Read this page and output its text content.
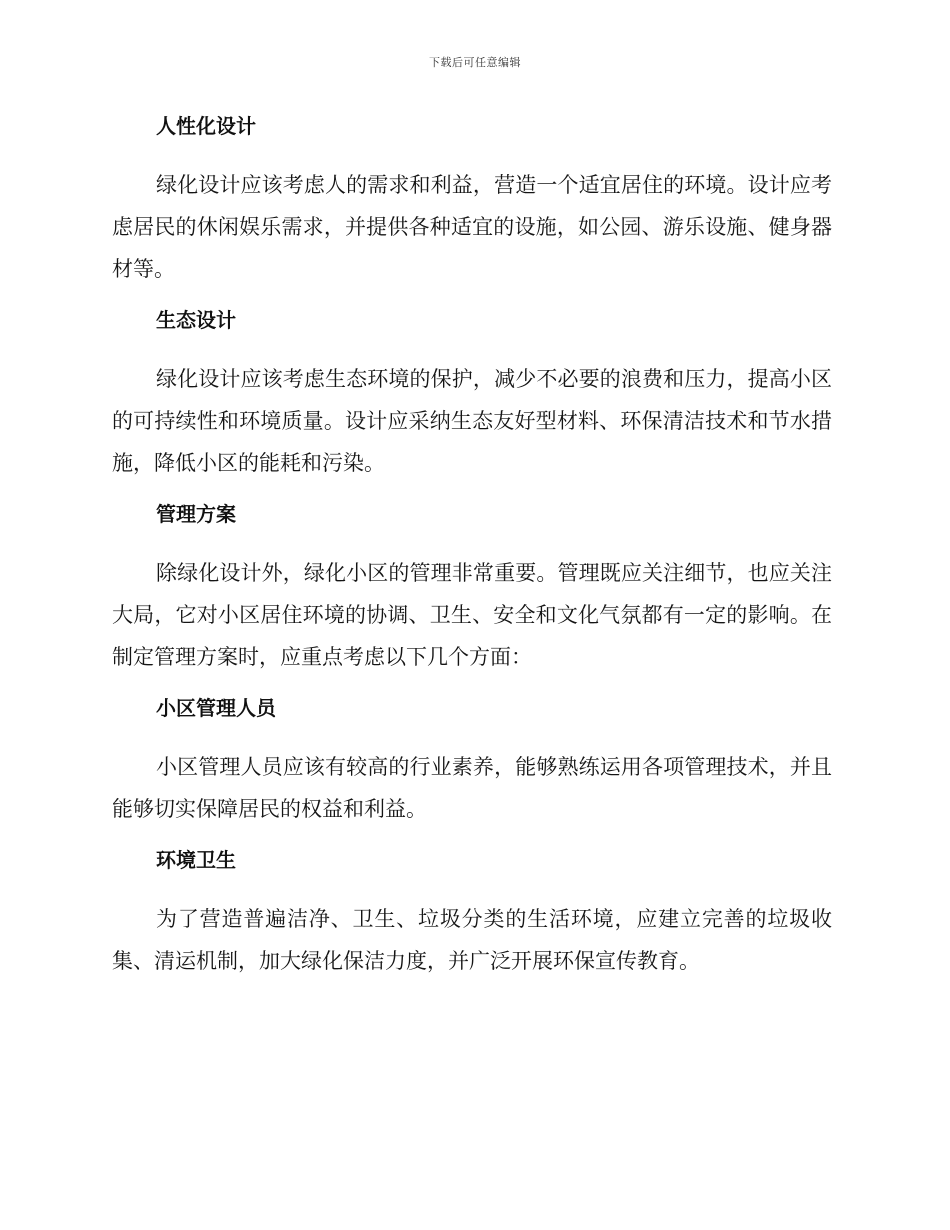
下载后可任意编辑
人性化设计

绿化设计应该考虑人的需求和利益，营造一个适宜居住的环境。设计应考虑居民的休闲娱乐需求，并提供各种适宜的设施，如公园、游乐设施、健身器材等。

生态设计

绿化设计应该考虑生态环境的保护，减少不必要的浪费和压力，提高小区的可持续性和环境质量。设计应采纳生态友好型材料、环保清洁技术和节水措施，降低小区的能耗和污染。

管理方案

除绿化设计外，绿化小区的管理非常重要。管理既应关注细节，也应关注大局，它对小区居住环境的协调、卫生、安全和文化气氛都有一定的影响。在制定管理方案时，应重点考虑以下几个方面：

小区管理人员

小区管理人员应该有较高的行业素养，能够熟练运用各项管理技术，并且能够切实保障居民的权益和利益。

环境卫生

为了营造普遍洁净、卫生、垃圾分类的生活环境，应建立完善的垃圾收集、清运机制，加大绿化保洁力度，并广泛开展环保宣传教育。
